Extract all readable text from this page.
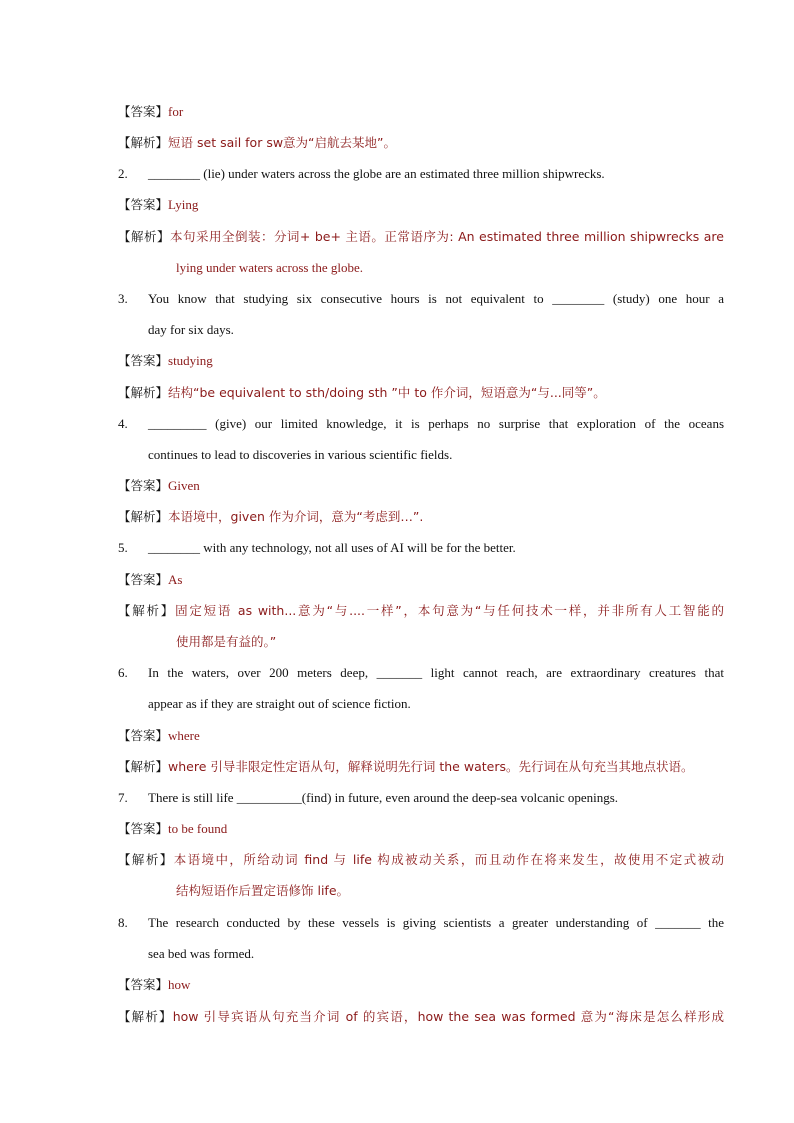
【答案】for
【解析】短语 set sail for sw意为“启航去某地”。
2. ________ (lie) under waters across the globe are an estimated three million shipwrecks.
【答案】Lying
【解析】本句采用全倒装：分词+ be+ 主语。正常语序为: An estimated three million shipwrecks are
lying under waters across the globe.
3. You know that studying six consecutive hours is not equivalent to ________ (study) one hour a
day for six days.
【答案】studying
【解析】结构“be equivalent to sth/doing sth ”中 to 作介词，短语意为“与...同等”。
4. _________ (give) our limited knowledge, it is perhaps no surprise that exploration of the oceans
continues to lead to discoveries in various scientific fields.
【答案】Given
【解析】本语境中，given 作为介词，意为“考虑到…”.
5. ________ with any technology, not all uses of AI will be for the better.
【答案】As
【解析】固定短语 as with...意为“与....一样”，本句意为“与任何技术一样，并非所有人工智能的
使用都是有益的。”
6. In the waters, over 200 meters deep, _______ light cannot reach, are extraordinary creatures that
appear as if they are straight out of science fiction.
【答案】where
【解析】where 引导非限定性定语从句，解释说明先行词 the waters。先行词在从句充当其地点状语。
7. There is still life __________(find) in future, even around the deep-sea volcanic openings.
【答案】to be found
【解析】本语境中，所给动词 find 与 life 构成被动关系，而且动作在将来发生，故使用不定式被动
结构短语作后置定语修饰 life。
8. The research conducted by these vessels is giving scientists a greater understanding of _______ the
sea bed was formed.
【答案】how
【解析】how 引导宾语从句充当介词 of 的宾语，how the sea was formed 意为“海床是怎么样形成
